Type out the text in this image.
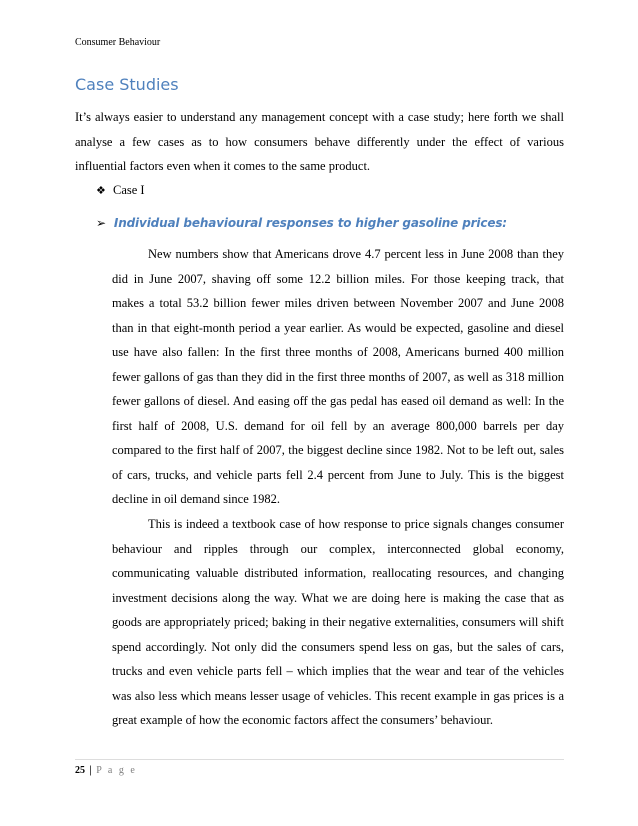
Consumer Behaviour
Case Studies

It’s always easier to understand any management concept with a case study; here forth we shall
analyse a few cases as to how consumers behave differently under the effect of various
influential factors even when it comes to the same product.

❖ Case I
➢ Individual behavioural responses to higher gasoline prices:

New numbers show that Americans drove 4.7 percent less in June 2008 than they
did in June 2007, shaving off some 12.2 billion miles. For those keeping track, that
makes a total 53.2 billion fewer miles driven between November 2007 and June 2008
than in that eight-month period a year earlier. As would be expected, gasoline and diesel
use have also fallen: In the first three months of 2008, Americans burned 400 million
fewer gallons of gas than they did in the first three months of 2007, as well as 318 million
fewer gallons of diesel. And easing off the gas pedal has eased oil demand as well: In the
first half of 2008, U.S. demand for oil fell by an average 800,000 barrels per day
compared to the first half of 2007, the biggest decline since 1982. Not to be left out, sales
of cars, trucks, and vehicle parts fell 2.4 percent from June to July. This is the biggest
decline in oil demand since 1982.

This is indeed a textbook case of how response to price signals changes consumer
behaviour and ripples through our complex, interconnected global economy,
communicating valuable distributed information, reallocating resources, and changing
investment decisions along the way. What we are doing here is making the case that as
goods are appropriately priced; baking in their negative externalities, consumers will shift
spend accordingly. Not only did the consumers spend less on gas, but the sales of cars,
trucks and even vehicle parts fell – which implies that the wear and tear of the vehicles
was also less which means lesser usage of vehicles. This recent example in gas prices is a
great example of how the economic factors affect the consumers’ behaviour.

25 | P a g e
